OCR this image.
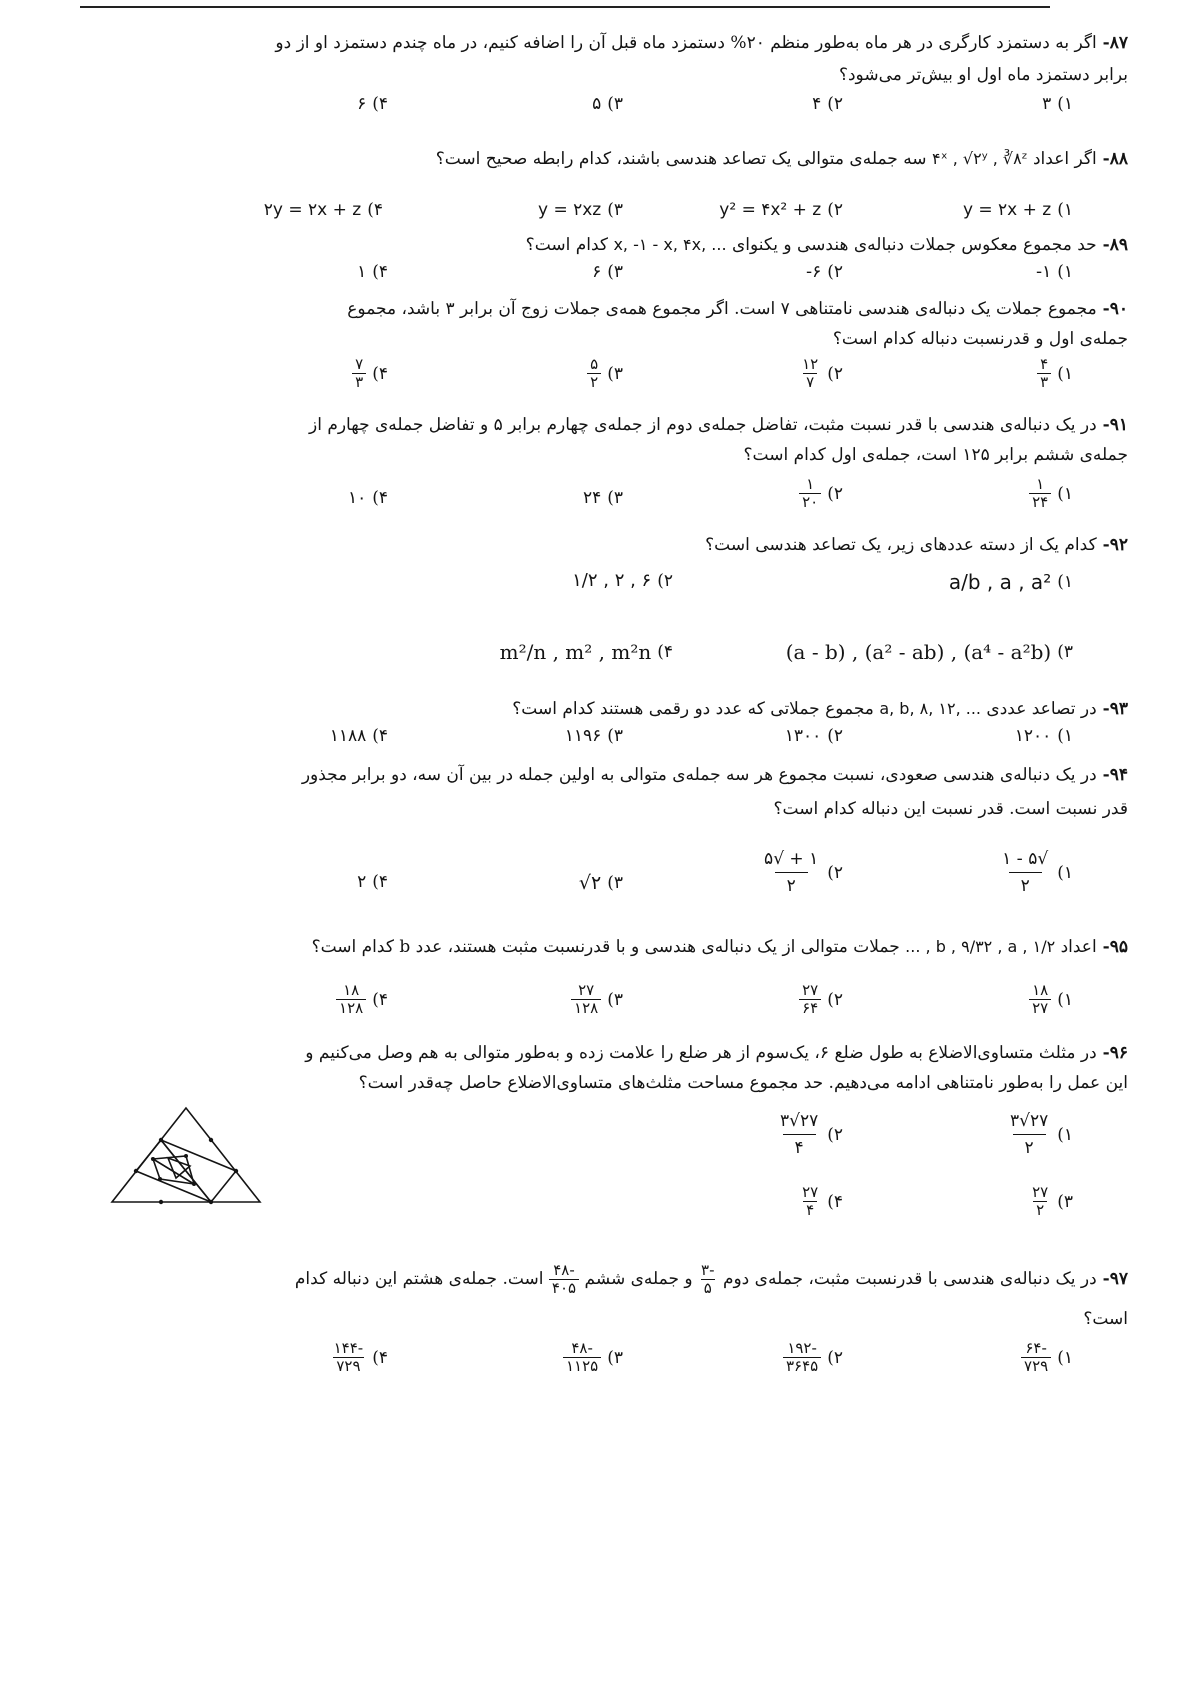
۸۷-اگر به دستمزد کارگری در هر ماه به‌طور منظم ۲۰% دستمزد ماه قبل آن را اضافه کنیم، در ماه چندم دستمزد او از دو
برابر دستمزد ماه اول او بیش‌تر می‌شود؟
۱)
۳
۲)
۴
۳)
۵
۴)
۶
۸۸-اگر اعداد ۴ˣ , √۲ʸ , ∛۸ᶻ سه جمله‌ی متوالی یک تصاعد هندسی باشند، کدام رابطه صحیح است؟
۱)
y = ۲x + z
۲)
y² = ۴x² + z
۳)
y = ۲xz
۴)
۲y = ۲x + z
۸۹-حد مجموع معکوس جملات دنباله‌ی هندسی و یکنوای x, -۱ - x, ۴x, ... کدام است؟
۱)
-۱
۲)
-۶
۳)
۶
۴)
۱
۹۰-مجموع جملات یک دنباله‌ی هندسی نامتناهی ۷ است. اگر مجموع همه‌ی جملات زوج آن برابر ۳ باشد، مجموع
جمله‌ی اول و قدرنسبت دنباله کدام است؟
۱)
$\frac{۴}{۳}$
۲)
$\frac{۱۲}{۷}$
۳)
$\frac{۵}{۲}$
۴)
$\frac{۷}{۳}$
۹۱-در یک دنباله‌ی هندسی با قدر نسبت مثبت، تفاضل جمله‌ی دوم از جمله‌ی چهارم برابر ۵ و تفاضل جمله‌ی چهارم از
جمله‌ی ششم برابر ۱۲۵ است، جمله‌ی اول کدام است؟
۱)
$\frac{۱}{۲۴}$
۲)
$\frac{۱}{۲۰}$
۳)
۲۴
۴)
۱۰
۹۲-کدام یک از دسته عددهای زیر، یک تصاعد هندسی است؟
۱)
a/b , a , a²
۲)
۱/۲ , ۲ , ۶
۳)
(a - b) , (a² - ab) , (a⁴ - a²b)
۴)
m²/n , m² , m²n
۹۳-در تصاعد عددی a, b, ۸, ۱۲, ... مجموع جملاتی که عدد دو رقمی هستند کدام است؟
۱)
۱۲۰۰
۲)
۱۳۰۰
۳)
۱۱۹۶
۴)
۱۱۸۸
۹۴-در یک دنباله‌ی هندسی صعودی، نسبت مجموع هر سه جمله‌ی متوالی به اولین جمله در بین آن سه، دو برابر مجذور
قدر نسبت است. قدر نسبت این دنباله کدام است؟
۱)
$\frac{√۵ - ۱}{۲}$
۲)
$\frac{۱ + √۵}{۲}$
۳)
√۲
۴)
۲
۹۵-اعداد ... , b , ۹/۳۲ , a , ۱/۲ جملات متوالی از یک دنباله‌ی هندسی و با قدرنسبت مثبت هستند، عدد b کدام است؟
۱)
$\frac{۱۸}{۲۷}$
۲)
$\frac{۲۷}{۶۴}$
۳)
$\frac{۲۷}{۱۲۸}$
۴)
$\frac{۱۸}{۱۲۸}$
۹۶-در مثلث متساوی‌الاضلاع به طول ضلع ۶، یک‌سوم از هر ضلع را علامت زده و به‌طور متوالی به هم وصل می‌کنیم و
این عمل را به‌طور نامتناهی ادامه می‌دهیم. حد مجموع مساحت مثلث‌های متساوی‌الاضلاع حاصل چه‌قدر است؟
۱)
$\frac{۲۷√۳}{۲}$
۲)
$\frac{۲۷√۳}{۴}$
۳)
$\frac{۲۷}{۲}$
۴)
$\frac{۲۷}{۴}$
۹۷-در یک دنباله‌ی هندسی با قدرنسبت مثبت، جمله‌ی دوم
$\frac{-۳}{۵}$
و جمله‌ی ششم
$\frac{-۴۸}{۴۰۵}$
است. جمله‌ی هشتم این دنباله کدام
است؟
۱)
$\frac{-۶۴}{۷۲۹}$
۲)
$\frac{-۱۹۲}{۳۶۴۵}$
۳)
$\frac{-۴۸}{۱۱۲۵}$
۴)
$\frac{-۱۴۴}{۷۲۹}$
